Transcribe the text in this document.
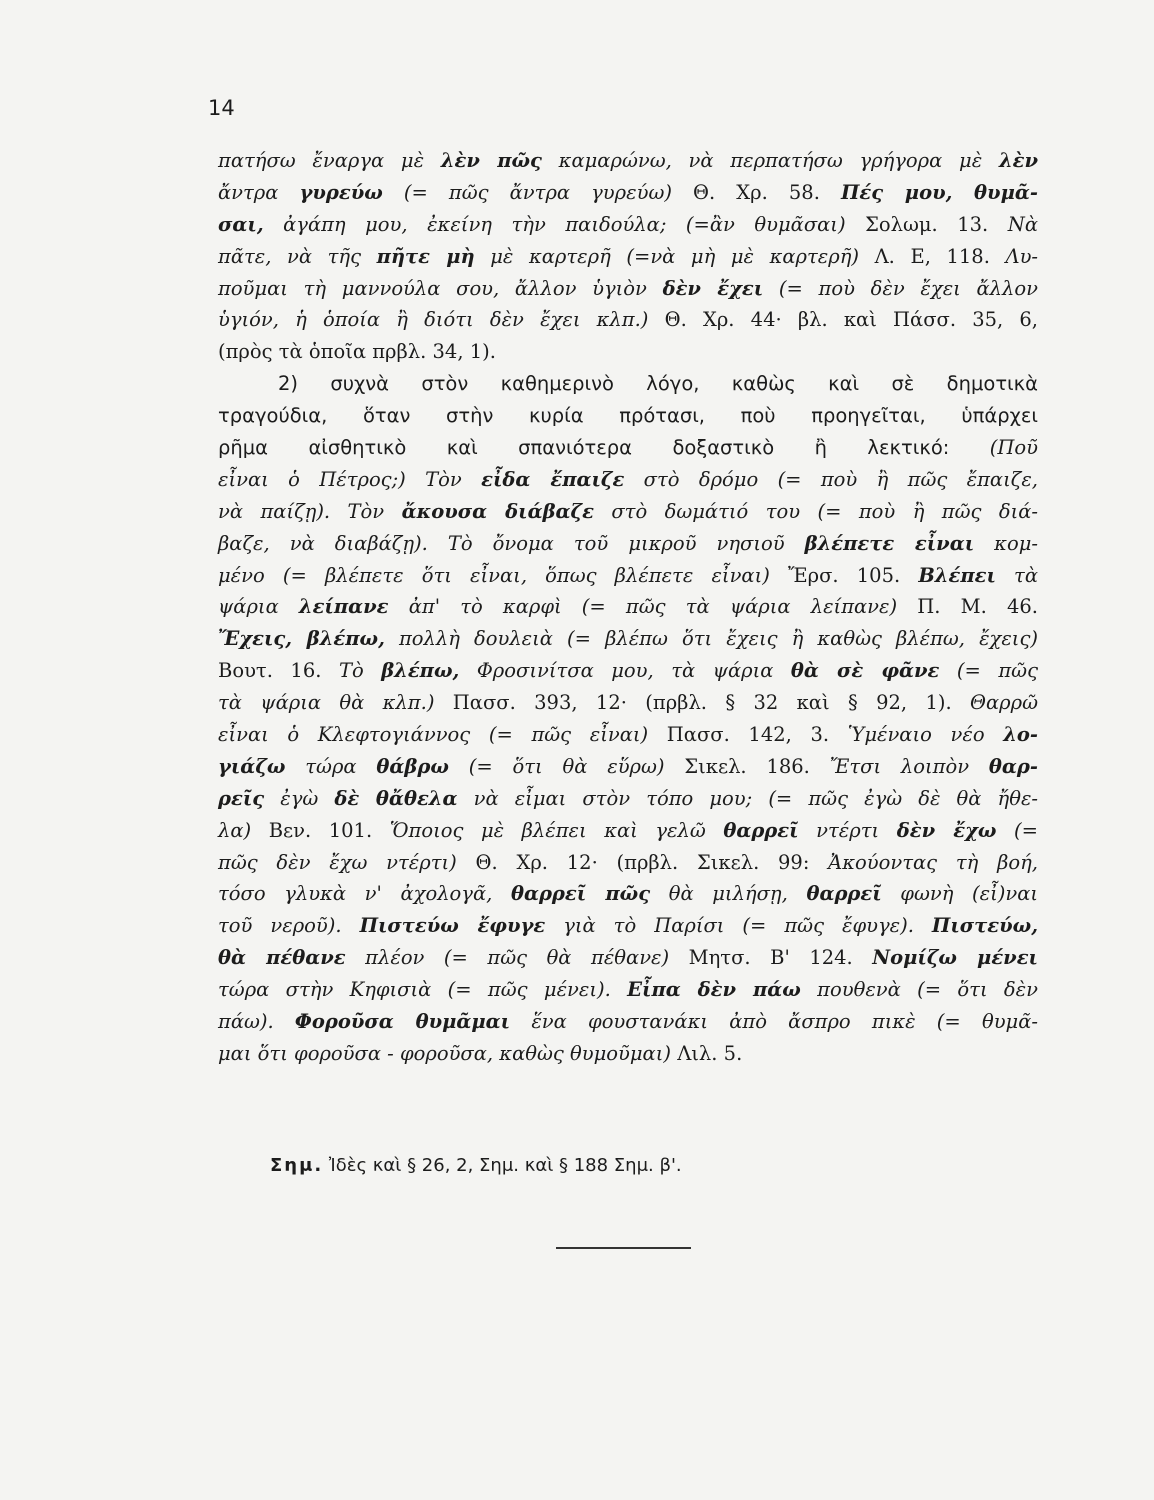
14
πατήσω ἔναργα μὲ λὲν πῶς καμαρώνω, νὰ περπατήσω γρήγορα μὲ λὲν
ἄντρα γυρεύω (= πῶς ἄντρα γυρεύω) Θ. Χρ. 58. Πές μου, θυμᾶ-
σαι, ἀγάπη μου, ἐκείνη τὴν παιδούλα; (=ἂν θυμᾶσαι) Σολωμ. 13. Νὰ
πᾶτε, νὰ τῆς πῆτε μὴ μὲ καρτερῆ (=νὰ μὴ μὲ καρτερῆ) Λ. Ε, 118. Λυ-
ποῦμαι τὴ μαννούλα σου, ἄλλον ὑγιὸν δὲν ἔχει (= ποὺ δὲν ἔχει ἄλλον
ὑγιόν, ἡ ὁποία ἢ διότι δὲν ἔχει κλπ.) Θ. Χρ. 44· βλ. καὶ Πάσσ. 35, 6,
(πρὸς τὰ ὁποῖα πρβλ. 34, 1).
2) συχνὰ στὸν καθημερινὸ λόγο, καθὼς καὶ σὲ δημοτικὰ
τραγούδια, ὅταν στὴν κυρία πρότασι, ποὺ προηγεῖται, ὑπάρχει
ρῆμα αἰσθητικὸ καὶ σπανιότερα δοξαστικὸ ἢ λεκτικό: (Ποῦ
εἶναι ὁ Πέτρος;) Τὸν εἶδα ἔπαιζε στὸ δρόμο (= ποὺ ἢ πῶς ἔπαιζε,
νὰ παίζῃ). Τὸν ἄκουσα διάβαζε στὸ δωμάτιό του (= ποὺ ἢ πῶς διά-
βαζε, νὰ διαβάζῃ). Τὸ ὄνομα τοῦ μικροῦ νησιοῦ βλέπετε εἶναι κομ-
μένο (= βλέπετε ὅτι εἶναι, ὅπως βλέπετε εἶναι) Ἔρσ. 105. Βλέπει τὰ
ψάρια λείπανε ἀπ' τὸ καρφὶ (= πῶς τὰ ψάρια λείπανε) Π. Μ. 46.
Ἔχεις, βλέπω, πολλὴ δουλειὰ (= βλέπω ὅτι ἔχεις ἢ καθὼς βλέπω, ἔχεις)
Βουτ. 16. Τὸ βλέπω, Φροσινίτσα μου, τὰ ψάρια θὰ σὲ φᾶνε (= πῶς
τὰ ψάρια θὰ κλπ.) Πασσ. 393, 12· (πρβλ. § 32 καὶ § 92, 1). Θαρρῶ
εἶναι ὁ Κλεφτογιάννος (= πῶς εἶναι) Πασσ. 142, 3. Ὑμέναιο νέο λο-
γιάζω τώρα θάβρω (= ὅτι θὰ εὕρω) Σικελ. 186. Ἔτσι λοιπὸν θαρ-
ρεῖς ἐγὼ δὲ θἄθελα νὰ εἶμαι στὸν τόπο μου; (= πῶς ἐγὼ δὲ θὰ ἤθε-
λα) Βεν. 101. Ὅποιος μὲ βλέπει καὶ γελῶ θαρρεῖ ντέρτι δὲν ἔχω (=
πῶς δὲν ἔχω ντέρτι) Θ. Χρ. 12· (πρβλ. Σικελ. 99: Ἀκούοντας τὴ βοή,
τόσο γλυκὰ ν' ἀχολογᾶ, θαρρεῖ πῶς θὰ μιλήσῃ, θαρρεῖ φωνὴ (εἶ)ναι
τοῦ νεροῦ). Πιστεύω ἔφυγε γιὰ τὸ Παρίσι (= πῶς ἔφυγε). Πιστεύω,
θὰ πέθανε πλέον (= πῶς θὰ πέθανε) Μητσ. Β' 124. Νομίζω μένει
τώρα στὴν Κηφισιὰ (= πῶς μένει). Εἶπα δὲν πάω πουθενὰ (= ὅτι δὲν
πάω). Φοροῦσα θυμᾶμαι ἕνα φουστανάκι ἀπὸ ἄσπρο πικὲ (= θυμᾶ-
μαι ὅτι φοροῦσα - φοροῦσα, καθὼς θυμοῦμαι) Λιλ. 5.
Σημ. Ἰδὲς καὶ § 26, 2, Σημ. καὶ § 188 Σημ. β'.
